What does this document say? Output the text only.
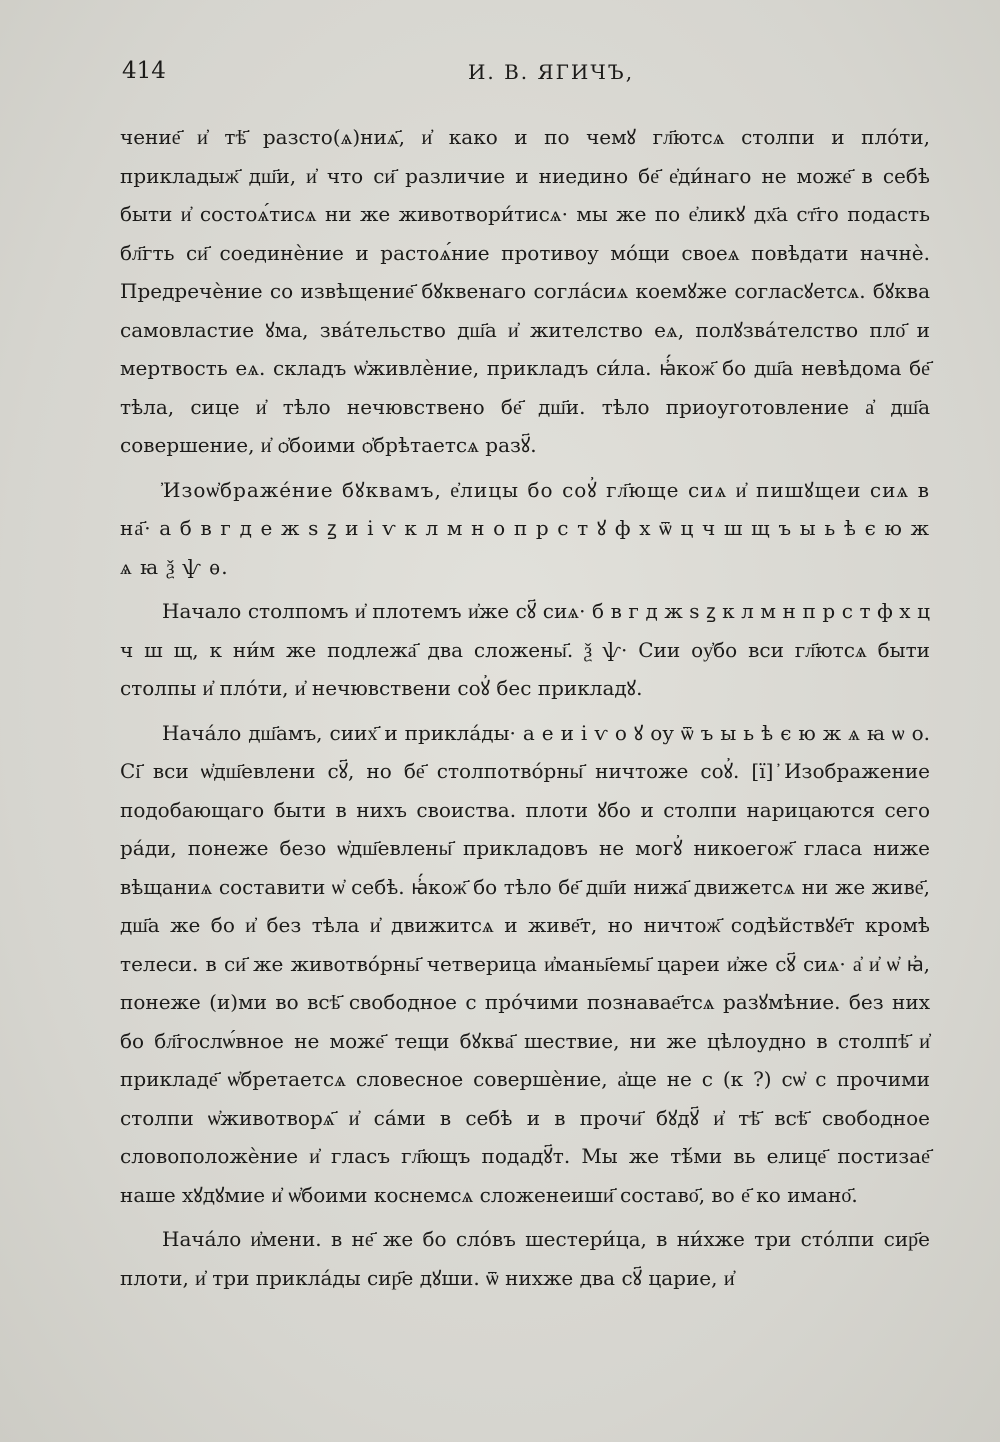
414	И. В. ЯГИЧЪ,

чение҃ и҆ тѣ҃ разсто(ѧ)ниѧ҃, и҆ како и по чемꙋ гл҃ютсѧ столпи и пло́ти, прикладыж҃ дш҃и, и҆ что си҃ различие и ниедино бе҃ е҆ди́наго не може҃ в себѣ быти и҆ состоѧ́тисѧ ни же животвори́тисѧ· мы же по е҆ликꙋ дх҃а ст҃го подасть бл҃гть си҃ соединѐние и растоѧ́ние противоу мо́щи своеѧ повѣдати начнѐ. Предречѐние со извѣщение҃ бꙋквенаго согла́сиѧ коемꙋже согласꙋетсѧ. бꙋква самовластие ꙋма, зва́тельство дш҃а и҆ жителство еѧ, полꙋзва́телство пло҃ и мертвость еѧ. складъ ѡ҆живлѐние, прикладъ си́ла. ꙗ҆́кож҃ бо дш҃а невѣдома бе҃ тѣла, сице и҆ тѣло нечювствено бе҃ дш҃и. тѣло приоуготовление а҆ дш҃а совершение, и҆ ѻ҆боими ѻ҆брѣтаетсѧ разꙋ҃.

҆Изоѡ҆браже́ние бꙋквамъ, е҆лицы бо соꙋ҆ гл҃юще сиѧ и҆ пишꙋщеи сиѧ в на҃· а б в г д е ж ѕ ꙁ и і ѵ к л м н о п р с т ꙋ ф х ѿ ц ч ш щ ъ ы ь ѣ є ю ж ѧ ꙗ ѯ ѱ ѳ.

Начало столпомъ и҆ плотемъ и҆же сꙋ҃ сиѧ· б в г д ж ѕ ꙁ к л м н п р с т ф х ц ч ш щ, к ни́м же подлежа҃ два сложены҃. ѯ ѱ· Сии оу҆бо вси гл҃ютсѧ быти столпы и҆ пло́ти, и҆ нечювствени соꙋ҆ бес прикладꙋ.

Нача́ло дш҃амъ, сиих҃ и прикла́ды· а е и і ѵ о ꙋ оу ѿ ъ ы ь ѣ є ю ж ѧ ꙗ ѡ о. Сі҃ вси ѡ҆дш҃евлени сꙋ҃, но бе҃ столпотво́рны҃ ничтоже соꙋ҆. [ї] ҆Изображение подобающаго быти в нихъ своиства. плоти ꙋбо и столпи нарицаются сего ра́ди, понеже безо ѡ҆дш҃евлены҃ прикладовъ не могꙋ҆ никоегож҃ гласа ниже вѣщаниѧ составити ѡ҆ себѣ. ꙗ҆́кож҃ бо тѣло бе҃ дш҃и нижа҃ движетсѧ ни же живе҃, дш҃а же бо и҆ без тѣла и҆ движитсѧ и живе҃т, но ничтож҃ содѣйствꙋе҃т кромѣ телеси. в си҃ же животво́рны҃ четверица и҆маны҃емы҃ цареи и҆же сꙋ҃ сиѧ· а҆ и҆ ѡ҆ ꙗ҆, понеже (и)ми во всѣ҃ свободное с про́чими познавае҃тсѧ разꙋмѣние. без них бо бл҃гослѡ́вное не може҃ тещи бꙋква҃ шествие, ни же цѣлоудно в столпѣ҃ и҆ прикладе҃ ѡ҆бретаетсѧ словесное совершѐние, а҆ще не с (к ?) сѡ҆ с прочими столпи ѡ҆животворѧ҃ и҆ са́ми в себѣ и в прочи҃ бꙋдꙋ҃ и҆ тѣ҃ всѣ҃ свободное словоположѐние и҆ гласъ гл҃ющъ подадꙋ҃т. Мы же тѣ́ми вь елице҃ постизае҃ наше хꙋдꙋмие и҆ ѡ҆боими коснемсѧ сложенеиши҃ составо҃, во е҃ ко имано҃.

Нача́ло и҆мени. в не҃ же бо сло́въ шестери́ца, в ни́хже три сто́лпи сир҃е плоти, и҆ три прикла́ды сир҃е дꙋши. ѿ нихже два сꙋ҃ царие, и҆
